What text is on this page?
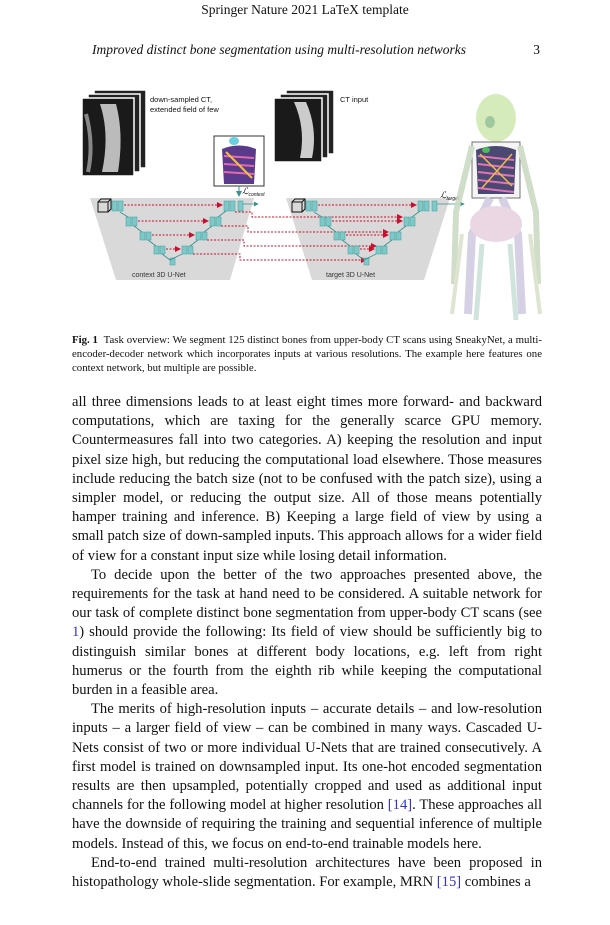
Springer Nature 2021 LaTeX template
Improved distinct bone segmentation using multi-resolution networks	3
down-sampled CT,
extended field of few
CT input
ℒ$_{context}$
context 3D U-Net	target 3D U-Net
ℒ$_{target}$
Fig. 1 Task overview: We segment 125 distinct bones from upper-body CT scans using SneakyNet, a multi-encoder-decoder network which incorporates inputs at various resolutions. The example here features one context network, but multiple are possible.

all three dimensions leads to at least eight times more forward- and backward computations, which are taxing for the generally scarce GPU memory. Countermeasures fall into two categories. A) keeping the resolution and input pixel size high, but reducing the computational load elsewhere. Those measures include reducing the batch size (not to be confused with the patch size), using a simpler model, or reducing the output size. All of those means potentially hamper training and inference. B) Keeping a large field of view by using a small patch size of down-sampled inputs. This approach allows for a wider field of view for a constant input size while losing detail information.

To decide upon the better of the two approaches presented above, the requirements for the task at hand need to be considered. A suitable network for our task of complete distinct bone segmentation from upper-body CT scans (see 1) should provide the following: Its field of view should be sufficiently big to distinguish similar bones at different body locations, e.g. left from right humerus or the fourth from the eighth rib while keeping the computational burden in a feasible area.

The merits of high-resolution inputs – accurate details – and low-resolution inputs – a larger field of view – can be combined in many ways. Cascaded U-Nets consist of two or more individual U-Nets that are trained consecutively. A first model is trained on downsampled input. Its one-hot encoded segmentation results are then upsampled, potentially cropped and used as additional input channels for the following model at higher resolution [14]. These approaches all have the downside of requiring the training and sequential inference of multiple models. Instead of this, we focus on end-to-end trainable models here.

End-to-end trained multi-resolution architectures have been proposed in histopathology whole-slide segmentation. For example, MRN [15] combines a
